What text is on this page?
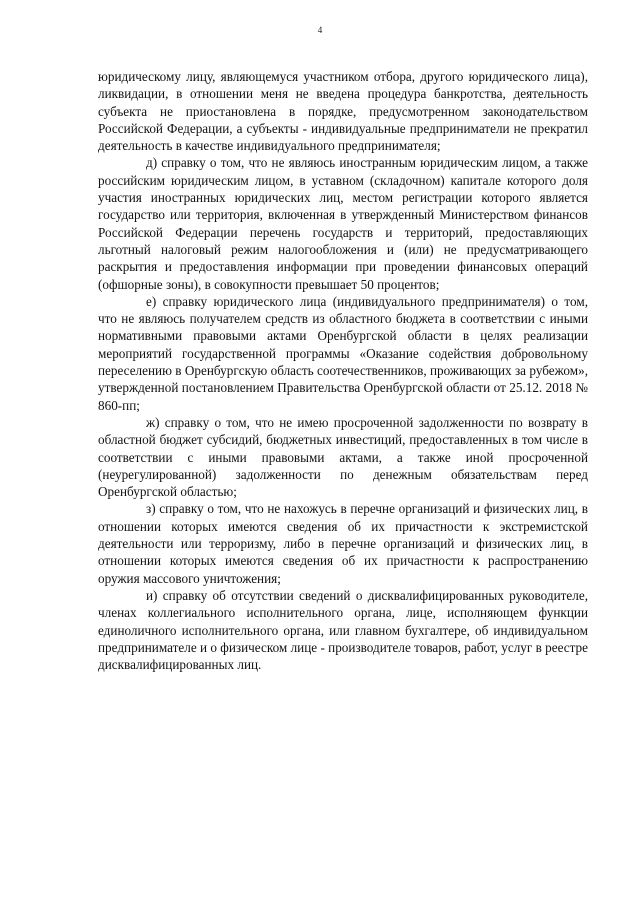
4

юридическому лицу, являющемуся участником отбора, другого юридического лица), ликвидации, в отношении меня не введена процедура банкротства, деятельность субъекта не приостановлена в порядке, предусмотренном законодательством Российской Федерации, а субъекты - индивидуальные предприниматели не прекратил деятельность в качестве индивидуального предпринимателя;

д) справку о том, что не являюсь иностранным юридическим лицом, а также российским юридическим лицом, в уставном (складочном) капитале которого доля участия иностранных юридических лиц, местом регистрации которого является государство или территория, включенная в утвержденный Министерством финансов Российской Федерации перечень государств и территорий, предоставляющих льготный налоговый режим налогообложения и (или) не предусматривающего раскрытия и предоставления информации при проведении финансовых операций (офшорные зоны), в совокупности превышает 50 процентов;

е) справку юридического лица (индивидуального предпринимателя) о том, что не являюсь получателем средств из областного бюджета в соответствии с иными нормативными правовыми актами Оренбургской области в целях реализации мероприятий государственной программы «Оказание содействия добровольному переселению в Оренбургскую область соотечественников, проживающих за рубежом», утвержденной постановлением Правительства Оренбургской области от 25.12. 2018 № 860-пп;

ж) справку о том, что не имею просроченной задолженности по возврату в областной бюджет субсидий, бюджетных инвестиций, предоставленных в том числе в соответствии с иными правовыми актами, а также иной просроченной (неурегулированной) задолженности по денежным обязательствам перед Оренбургской областью;

з) справку о том, что не нахожусь в перечне организаций и физических лиц, в отношении которых имеются сведения об их причастности к экстремистской деятельности или терроризму, либо в перечне организаций и физических лиц, в отношении которых имеются сведения об их причастности к распространению оружия массового уничтожения;

и) справку об отсутствии сведений о дисквалифицированных руководителе, членах коллегиального исполнительного органа, лице, исполняющем функции единоличного исполнительного органа, или главном бухгалтере, об индивидуальном предпринимателе и о физическом лице - производителе товаров, работ, услуг в реестре дисквалифицированных лиц.
